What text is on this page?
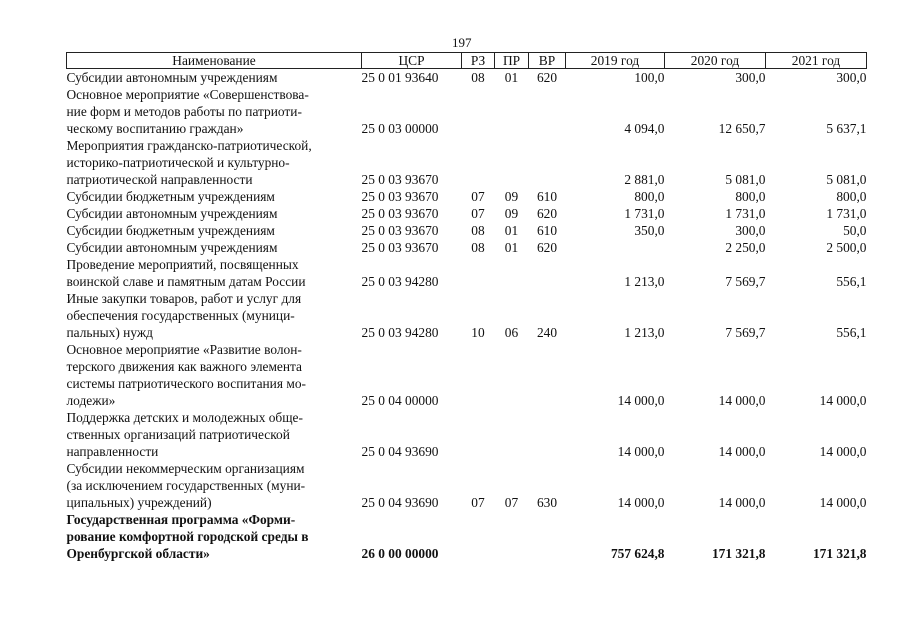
197
Наименование	ЦСР	РЗ	ПР	ВР	2019 год	2020 год	2021 год

Субсидии автономным учреждениям	25 0 01 93640	08	01	620	100,0	300,0	300,0

Основное мероприятие «Совершенствова-
ние форм и методов работы по патриоти-
ческому воспитанию граждан»	25 0 03 00000				4 094,0	12 650,7	5 637,1

Мероприятия гражданско-патриотической,
историко-патриотической и культурно-
патриотической направленности	25 0 03 93670				2 881,0	5 081,0	5 081,0

Субсидии бюджетным учреждениям	25 0 03 93670	07	09	610	800,0	800,0	800,0

Субсидии автономным учреждениям	25 0 03 93670	07	09	620	1 731,0	1 731,0	1 731,0

Субсидии бюджетным учреждениям	25 0 03 93670	08	01	610	350,0	300,0	50,0

Субсидии автономным учреждениям	25 0 03 93670	08	01	620		2 250,0	2 500,0

Проведение мероприятий, посвященных
воинской славе и памятным датам России	25 0 03 94280				1 213,0	7 569,7	556,1

Иные закупки товаров, работ и услуг для
обеспечения государственных (муници-
пальных) нужд	25 0 03 94280	10	06	240	1 213,0	7 569,7	556,1

Основное мероприятие «Развитие волон-
терского движения как важного элемента
системы патриотического воспитания мо-
лодежи»	25 0 04 00000				14 000,0	14 000,0	14 000,0

Поддержка детских и молодежных обще-
ственных организаций патриотической
направленности	25 0 04 93690				14 000,0	14 000,0	14 000,0

Субсидии некоммерческим организациям
(за исключением государственных (муни-
ципальных) учреждений)	25 0 04 93690	07	07	630	14 000,0	14 000,0	14 000,0

Государственная программа «Форми-
рование комфортной городской среды в
Оренбургской области»	26 0 00 00000				757 624,8	171 321,8	171 321,8
